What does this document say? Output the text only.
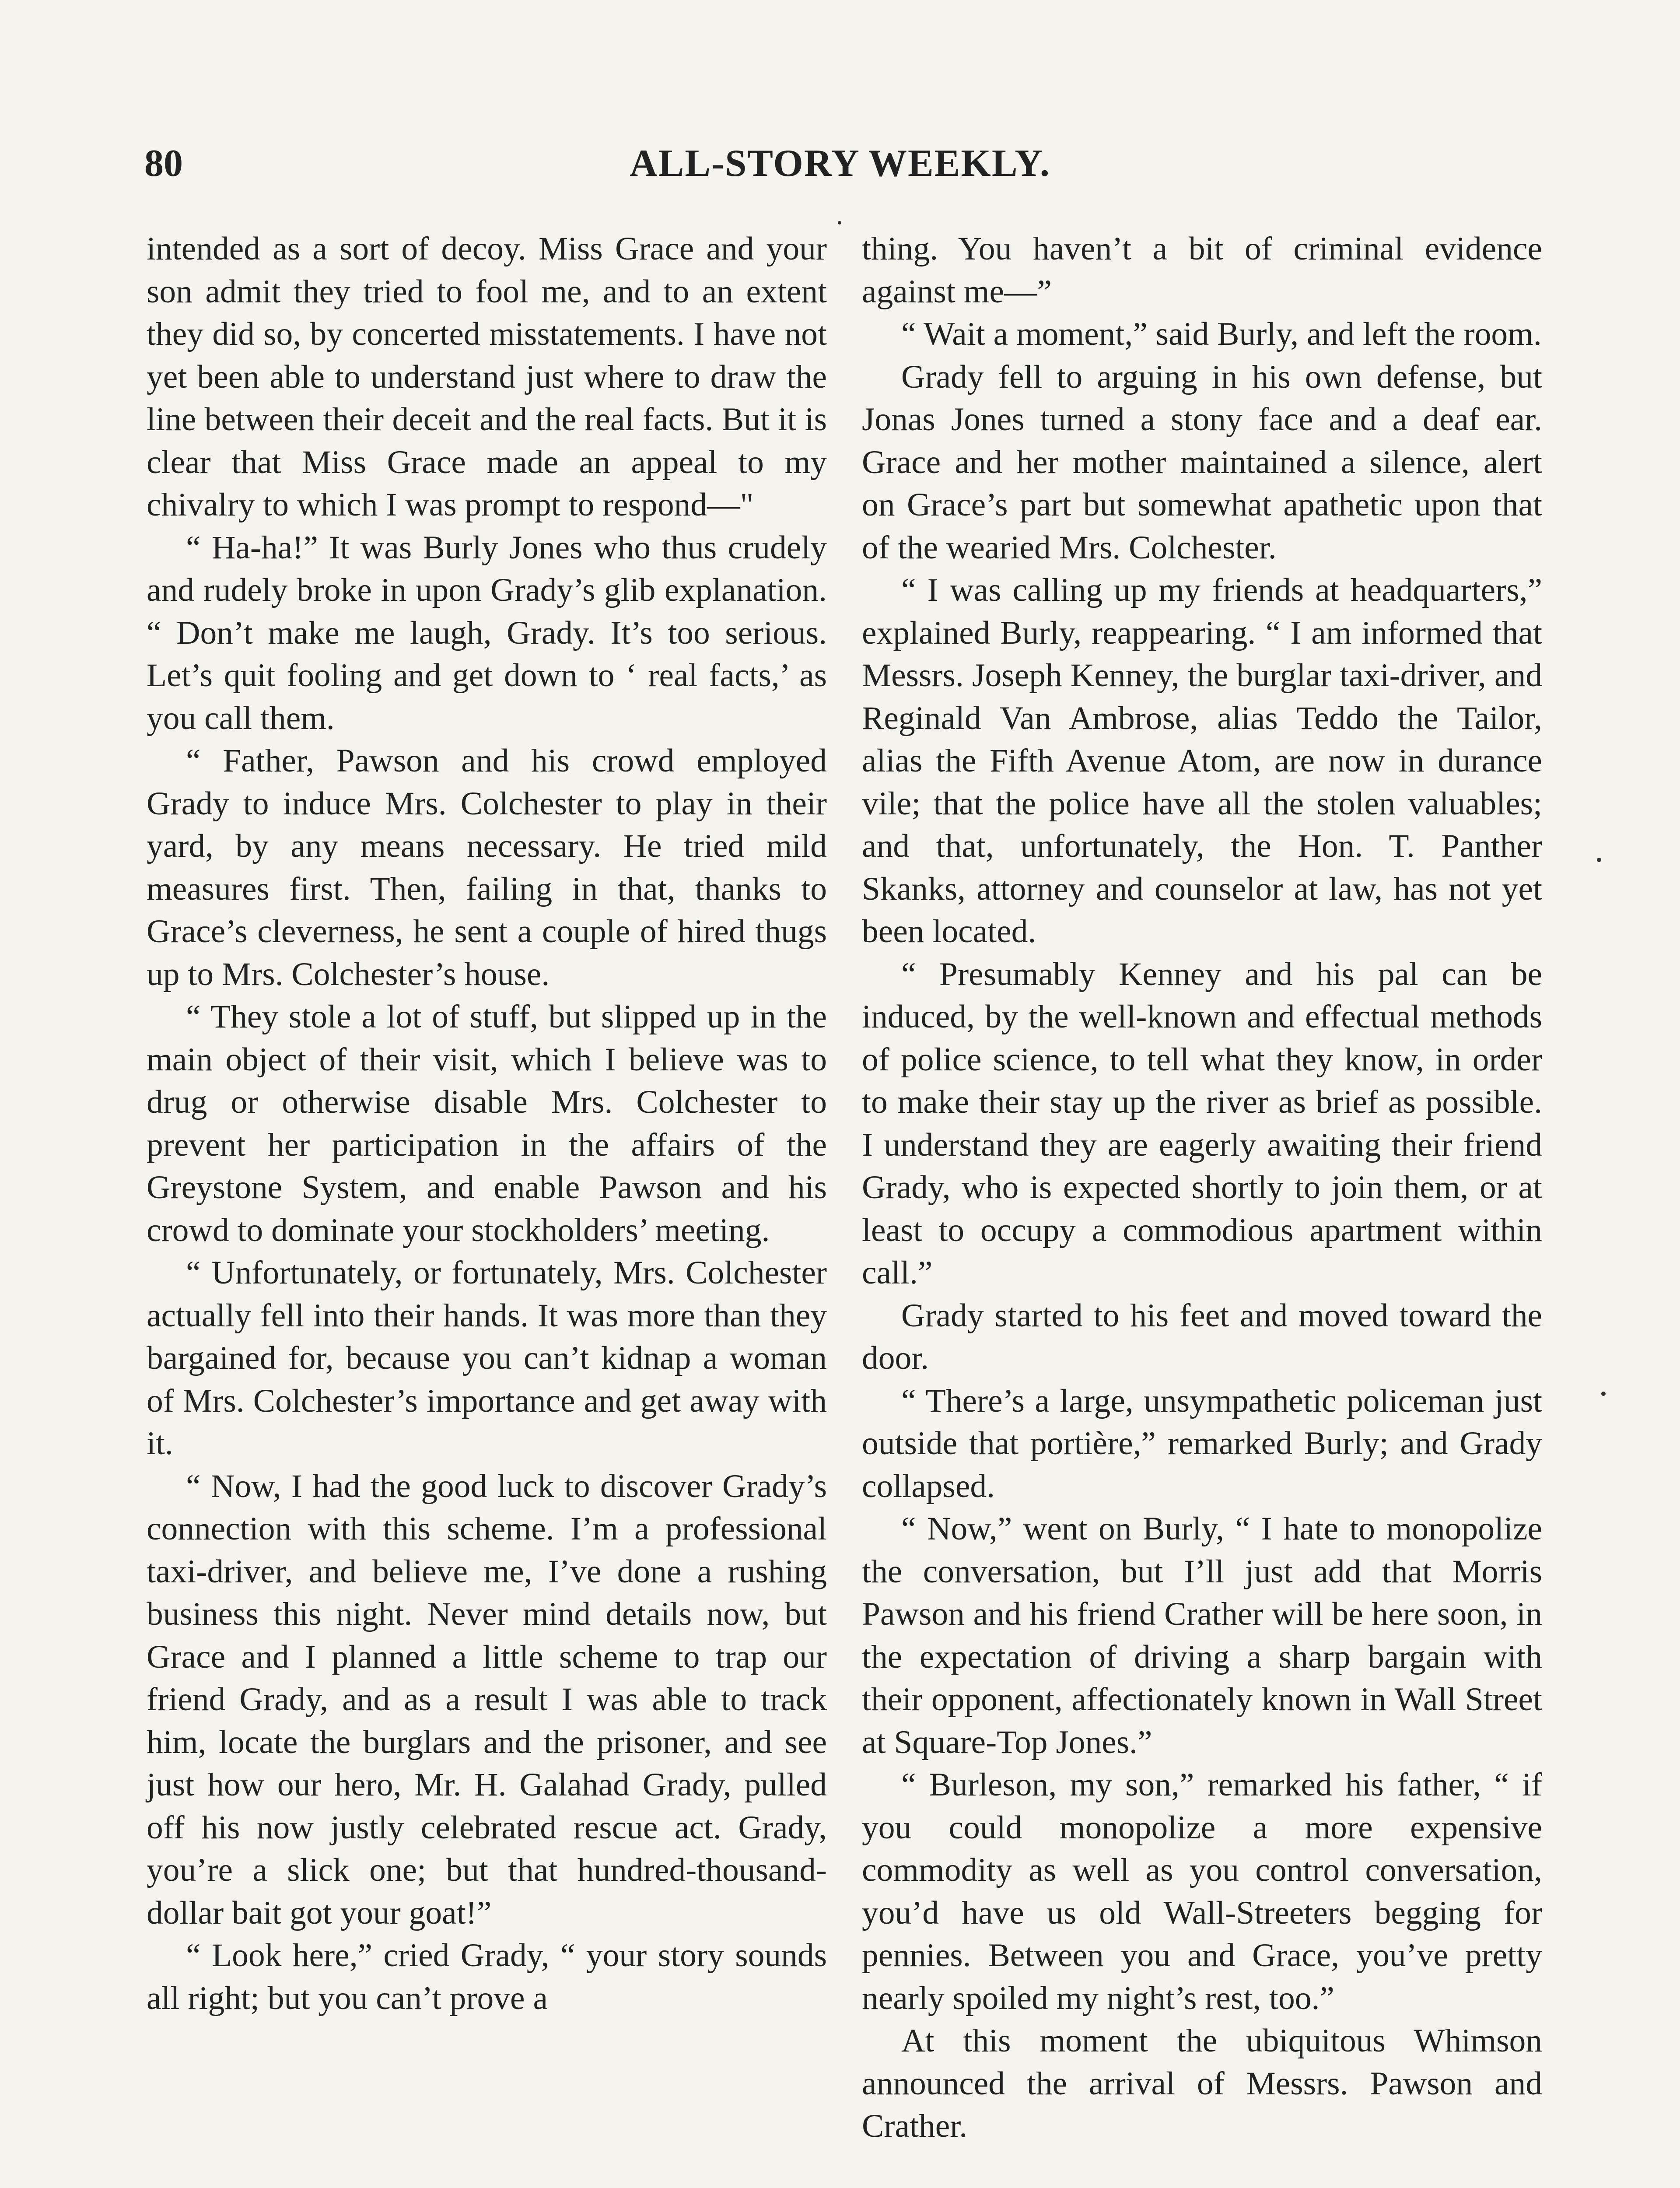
80	ALL-STORY WEEKLY.

intended as a sort of decoy. Miss Grace and your son admit they tried to fool me, and to an extent they did so, by concerted misstatements. I have not yet been able to understand just where to draw the line between their deceit and the real facts. But it is clear that Miss Grace made an appeal to my chivalry to which I was prompt to respond—"

“ Ha-ha!” It was Burly Jones who thus crudely and rudely broke in upon Grady’s glib explanation. “ Don’t make me laugh, Grady. It’s too serious. Let’s quit fooling and get down to ‘ real facts,’ as you call them.

“ Father, Pawson and his crowd employed Grady to induce Mrs. Colchester to play in their yard, by any means necessary. He tried mild measures first. Then, failing in that, thanks to Grace’s cleverness, he sent a couple of hired thugs up to Mrs. Colchester’s house.

“ They stole a lot of stuff, but slipped up in the main object of their visit, which I believe was to drug or otherwise disable Mrs. Colchester to prevent her participation in the affairs of the Greystone System, and enable Pawson and his crowd to dominate your stockholders’ meeting.

“ Unfortunately, or fortunately, Mrs. Colchester actually fell into their hands. It was more than they bargained for, because you can’t kidnap a woman of Mrs. Colchester’s importance and get away with it.

“ Now, I had the good luck to discover Grady’s connection with this scheme. I’m a professional taxi-driver, and believe me, I’ve done a rushing business this night. Never mind details now, but Grace and I planned a little scheme to trap our friend Grady, and as a result I was able to track him, locate the burglars and the prisoner, and see just how our hero, Mr. H. Galahad Grady, pulled off his now justly celebrated rescue act. Grady, you’re a slick one; but that hundred-thousand-dollar bait got your goat!”

“ Look here,” cried Grady, “ your story sounds all right; but you can’t prove a

thing. You haven’t a bit of criminal evidence against me—”

“ Wait a moment,” said Burly, and left the room.

Grady fell to arguing in his own defense, but Jonas Jones turned a stony face and a deaf ear. Grace and her mother maintained a silence, alert on Grace’s part but somewhat apathetic upon that of the wearied Mrs. Colchester.

“ I was calling up my friends at headquarters,” explained Burly, reappearing. “ I am informed that Messrs. Joseph Kenney, the burglar taxi-driver, and Reginald Van Ambrose, alias Teddo the Tailor, alias the Fifth Avenue Atom, are now in durance vile; that the police have all the stolen valuables; and that, unfortunately, the Hon. T. Panther Skanks, attorney and counselor at law, has not yet been located.

“ Presumably Kenney and his pal can be induced, by the well-known and effectual methods of police science, to tell what they know, in order to make their stay up the river as brief as possible. I understand they are eagerly awaiting their friend Grady, who is expected shortly to join them, or at least to occupy a commodious apartment within call.”

Grady started to his feet and moved toward the door.

“ There’s a large, unsympathetic policeman just outside that portière,” remarked Burly; and Grady collapsed.

“ Now,” went on Burly, “ I hate to monopolize the conversation, but I’ll just add that Morris Pawson and his friend Crather will be here soon, in the expectation of driving a sharp bargain with their opponent, affectionately known in Wall Street at Square-Top Jones.”

“ Burleson, my son,” remarked his father, “ if you could monopolize a more expensive commodity as well as you control conversation, you’d have us old Wall-Streeters begging for pennies. Between you and Grace, you’ve pretty nearly spoiled my night’s rest, too.”

At this moment the ubiquitous Whimson announced the arrival of Messrs. Pawson and Crather.
